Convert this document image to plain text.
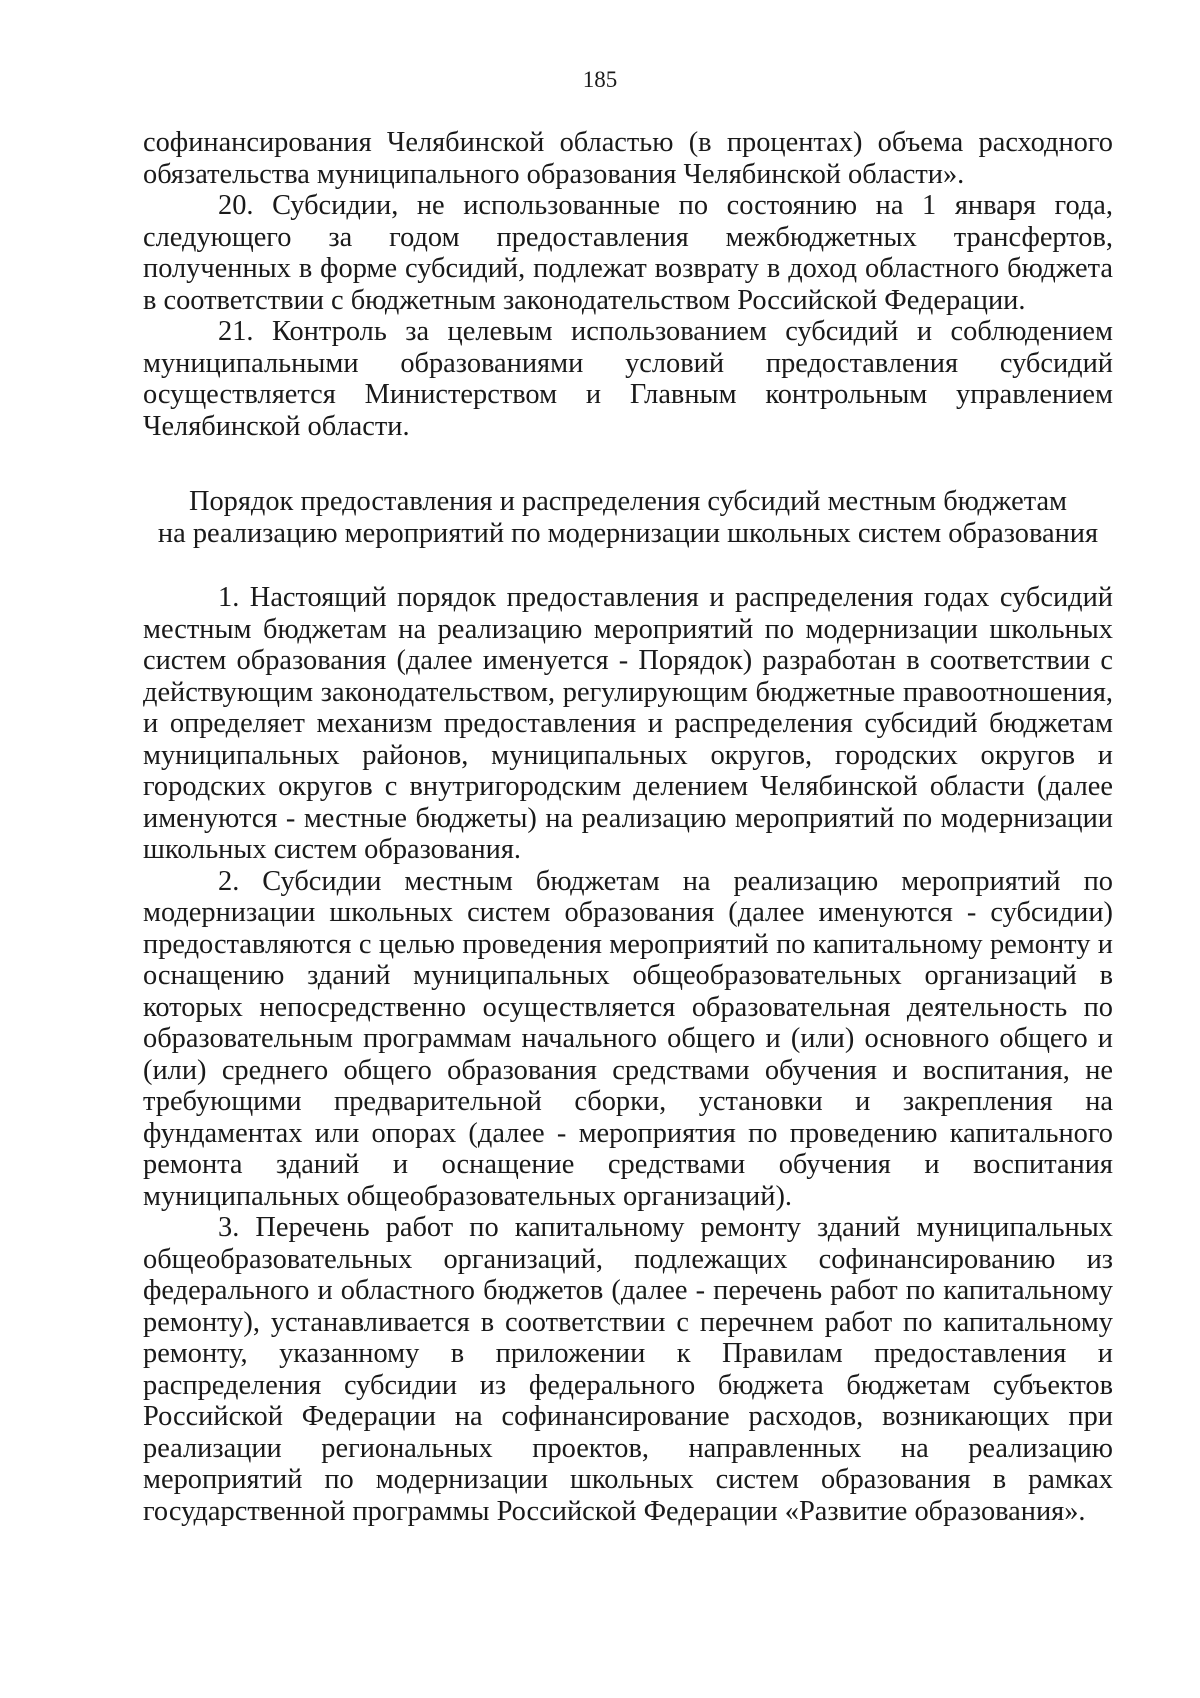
185

софинансирования Челябинской областью (в процентах) объема расходного обязательства муниципального образования Челябинской области».

20. Субсидии, не использованные по состоянию на 1 января года, следующего за годом предоставления межбюджетных трансфертов, полученных в форме субсидий, подлежат возврату в доход областного бюджета в соответствии с бюджетным законодательством Российской Федерации.

21. Контроль за целевым использованием субсидий и соблюдением муниципальными образованиями условий предоставления субсидий осуществляется Министерством и Главным контрольным управлением Челябинской области.

Порядок предоставления и распределения субсидий местным бюджетам
на реализацию мероприятий по модернизации школьных систем образования

1. Настоящий порядок предоставления и распределения годах субсидий местным бюджетам на реализацию мероприятий по модернизации школьных систем образования (далее именуется - Порядок) разработан в соответствии с действующим законодательством, регулирующим бюджетные правоотношения, и определяет механизм предоставления и распределения субсидий бюджетам муниципальных районов, муниципальных округов, городских округов и городских округов с внутригородским делением Челябинской области (далее именуются - местные бюджеты) на реализацию мероприятий по модернизации школьных систем образования.

2. Субсидии местным бюджетам на реализацию мероприятий по модернизации школьных систем образования (далее именуются - субсидии) предоставляются с целью проведения мероприятий по капитальному ремонту и оснащению зданий муниципальных общеобразовательных организаций в которых непосредственно осуществляется образовательная деятельность по образовательным программам начального общего и (или) основного общего и (или) среднего общего образования средствами обучения и воспитания, не требующими предварительной сборки, установки и закрепления на фундаментах или опорах (далее - мероприятия по проведению капитального ремонта зданий и оснащение средствами обучения и воспитания муниципальных общеобразовательных организаций).

3. Перечень работ по капитальному ремонту зданий муниципальных общеобразовательных организаций, подлежащих софинансированию из федерального и областного бюджетов (далее - перечень работ по капитальному ремонту), устанавливается в соответствии с перечнем работ по капитальному ремонту, указанному в приложении к Правилам предоставления и распределения субсидии из федерального бюджета бюджетам субъектов Российской Федерации на софинансирование расходов, возникающих при реализации региональных проектов, направленных на реализацию мероприятий по модернизации школьных систем образования в рамках государственной программы Российской Федерации «Развитие образования».
